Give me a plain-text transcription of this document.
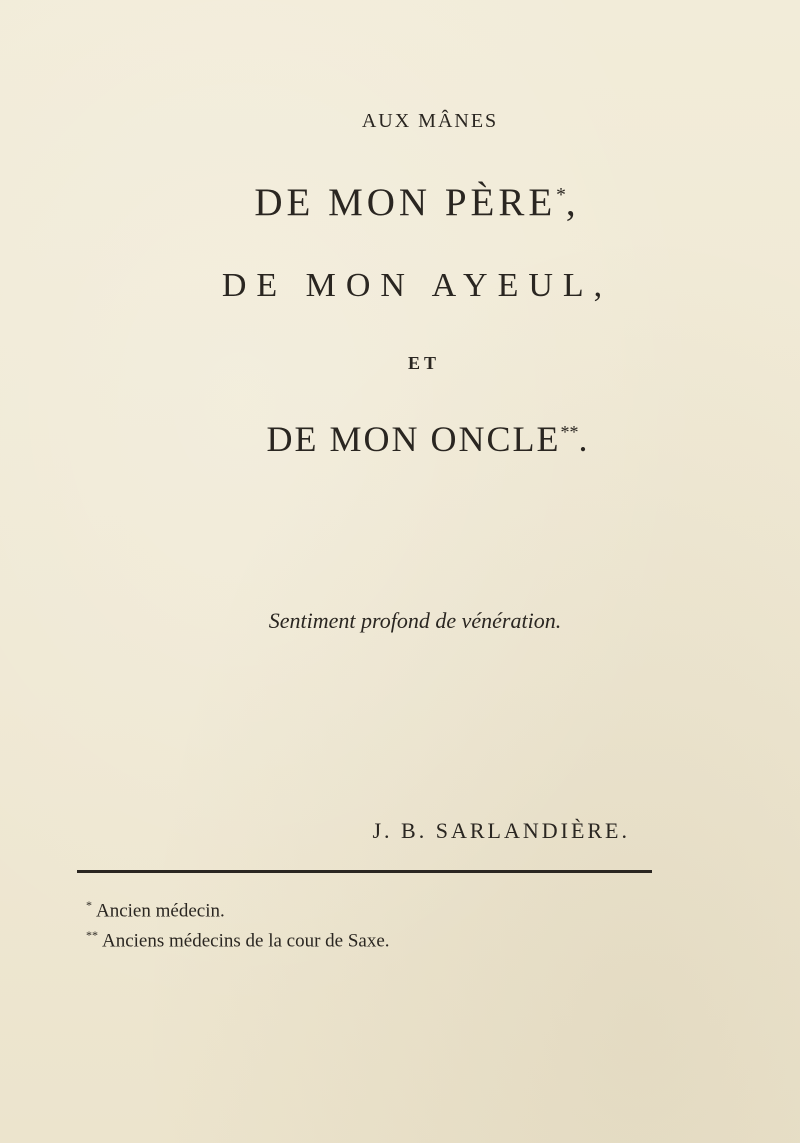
AUX MÂNES
DE MON PÈRE*,
DE MON AYEUL,
ET
DE MON ONCLE**.
Sentiment profond de vénération.
J. B. SARLANDIÈRE.
* Ancien médecin.
** Anciens médecins de la cour de Saxe.
